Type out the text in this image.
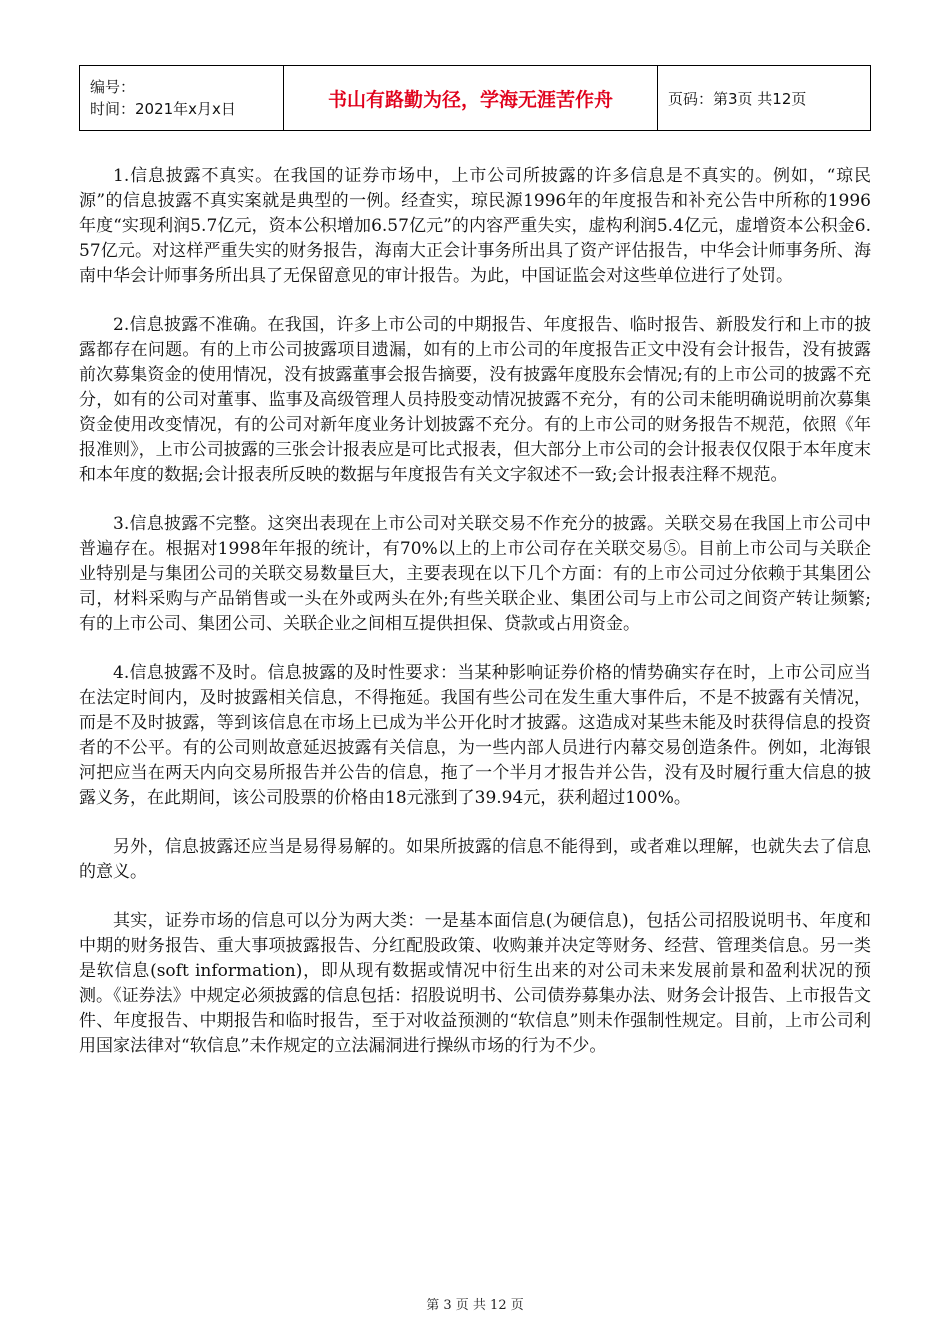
编号：
时间：2021年x月x日	书山有路勤为径，学海无涯苦作舟	页码：第3页 共12页

1.信息披露不真实。在我国的证券市场中，上市公司所披露的许多信息是不真实的。例如，“琼民源”的信息披露不真实案就是典型的一例。经查实，琼民源1996年的年度报告和补充公告中所称的1996年度“实现利润5.7亿元，资本公积增加6.57亿元”的内容严重失实，虚构利润5.4亿元，虚增资本公积金6.57亿元。对这样严重失实的财务报告，海南大正会计事务所出具了资产评估报告，中华会计师事务所、海南中华会计师事务所出具了无保留意见的审计报告。为此，中国证监会对这些单位进行了处罚。

2.信息披露不准确。在我国，许多上市公司的中期报告、年度报告、临时报告、新股发行和上市的披露都存在问题。有的上市公司披露项目遗漏，如有的上市公司的年度报告正文中没有会计报告，没有披露前次募集资金的使用情况，没有披露董事会报告摘要，没有披露年度股东会情况;有的上市公司的披露不充分，如有的公司对董事、监事及高级管理人员持股变动情况披露不充分，有的公司未能明确说明前次募集资金使用改变情况，有的公司对新年度业务计划披露不充分。有的上市公司的财务报告不规范，依照《年报准则》，上市公司披露的三张会计报表应是可比式报表，但大部分上市公司的会计报表仅仅限于本年度末和本年度的数据;会计报表所反映的数据与年度报告有关文字叙述不一致;会计报表注释不规范。

3.信息披露不完整。这突出表现在上市公司对关联交易不作充分的披露。关联交易在我国上市公司中普遍存在。根据对1998年年报的统计，有70%以上的上市公司存在关联交易⑤。目前上市公司与关联企业特别是与集团公司的关联交易数量巨大，主要表现在以下几个方面：有的上市公司过分依赖于其集团公司，材料采购与产品销售或一头在外或两头在外;有些关联企业、集团公司与上市公司之间资产转让频繁;有的上市公司、集团公司、关联企业之间相互提供担保、贷款或占用资金。

4.信息披露不及时。信息披露的及时性要求：当某种影响证券价格的情势确实存在时，上市公司应当在法定时间内，及时披露相关信息，不得拖延。我国有些公司在发生重大事件后，不是不披露有关情况，而是不及时披露，等到该信息在市场上已成为半公开化时才披露。这造成对某些未能及时获得信息的投资者的不公平。有的公司则故意延迟披露有关信息，为一些内部人员进行内幕交易创造条件。例如，北海银河把应当在两天内向交易所报告并公告的信息，拖了一个半月才报告并公告，没有及时履行重大信息的披露义务，在此期间，该公司股票的价格由18元涨到了39.94元，获利超过100%。

另外，信息披露还应当是易得易解的。如果所披露的信息不能得到，或者难以理解，也就失去了信息的意义。

其实，证券市场的信息可以分为两大类：一是基本面信息(为硬信息)，包括公司招股说明书、年度和中期的财务报告、重大事项披露报告、分红配股政策、收购兼并决定等财务、经营、管理类信息。另一类是软信息(soft information)，即从现有数据或情况中衍生出来的对公司未来发展前景和盈利状况的预测。《证券法》中规定必须披露的信息包括：招股说明书、公司债券募集办法、财务会计报告、上市报告文件、年度报告、中期报告和临时报告，至于对收益预测的“软信息”则未作强制性规定。目前，上市公司利用国家法律对“软信息”未作规定的立法漏洞进行操纵市场的行为不少。

第 3 页 共 12 页
